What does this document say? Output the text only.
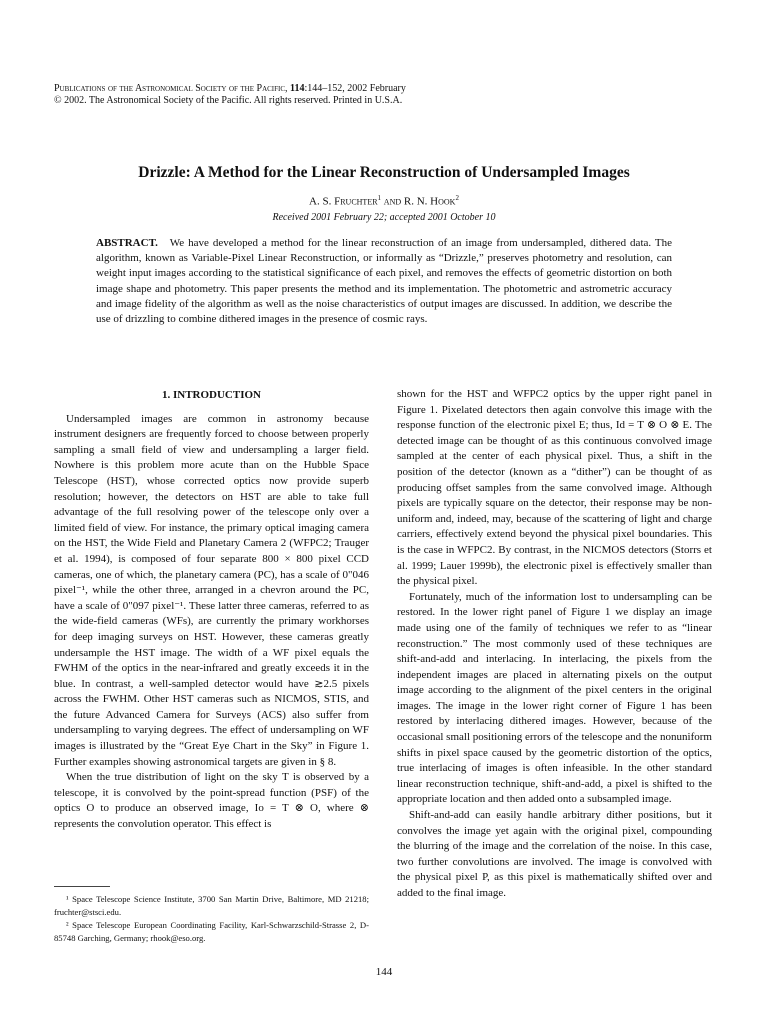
Publications of the Astronomical Society of the Pacific, 114:144–152, 2002 February
© 2002. The Astronomical Society of the Pacific. All rights reserved. Printed in U.S.A.
Drizzle: A Method for the Linear Reconstruction of Undersampled Images
A. S. Fruchter$^1$ and R. N. Hook$^2$
Received 2001 February 22; accepted 2001 October 10
ABSTRACT. We have developed a method for the linear reconstruction of an image from undersampled, dithered data. The algorithm, known as Variable-Pixel Linear Reconstruction, or informally as “Drizzle,” preserves photometry and resolution, can weight input images according to the statistical significance of each pixel, and removes the effects of geometric distortion on both image shape and photometry. This paper presents the method and its implementation. The photometric and astrometric accuracy and image fidelity of the algorithm as well as the noise characteristics of output images are discussed. In addition, we describe the use of drizzling to combine dithered images in the presence of cosmic rays.
1. INTRODUCTION

Undersampled images are common in astronomy because instrument designers are frequently forced to choose between properly sampling a small field of view and undersampling a larger field. Nowhere is this problem more acute than on the Hubble Space Telescope (HST), whose corrected optics now provide superb resolution; however, the detectors on HST are able to take full advantage of the full resolving power of the telescope only over a limited field of view. For instance, the primary optical imaging camera on the HST, the Wide Field and Planetary Camera 2 (WFPC2; Trauger et al. 1994), is composed of four separate 800 × 800 pixel CCD cameras, one of which, the planetary camera (PC), has a scale of 0"046 pixel⁻¹, while the other three, arranged in a chevron around the PC, have a scale of 0"097 pixel⁻¹. These latter three cameras, referred to as the wide-field cameras (WFs), are currently the primary workhorses for deep imaging surveys on HST. However, these cameras greatly undersample the HST image. The width of a WF pixel equals the FWHM of the optics in the near-infrared and greatly exceeds it in the blue. In contrast, a well-sampled detector would have ≳2.5 pixels across the FWHM. Other HST cameras such as NICMOS, STIS, and the future Advanced Camera for Surveys (ACS) also suffer from undersampling to varying degrees. The effect of undersampling on WF images is illustrated by the “Great Eye Chart in the Sky” in Figure 1. Further examples showing astronomical targets are given in § 8.

When the true distribution of light on the sky T is observed by a telescope, it is convolved by the point-spread function (PSF) of the optics O to produce an observed image, Io = T ⊗ O, where ⊗ represents the convolution operator. This effect is

shown for the HST and WFPC2 optics by the upper right panel in Figure 1. Pixelated detectors then again convolve this image with the response function of the electronic pixel E; thus, Id = T ⊗ O ⊗ E. The detected image can be thought of as this continuous convolved image sampled at the center of each physical pixel. Thus, a shift in the position of the detector (known as a “dither”) can be thought of as producing offset samples from the same convolved image. Although pixels are typically square on the detector, their response may be non-uniform and, indeed, may, because of the scattering of light and charge carriers, effectively extend beyond the physical pixel boundaries. This is the case in WFPC2. By contrast, in the NICMOS detectors (Storrs et al. 1999; Lauer 1999b), the electronic pixel is effectively smaller than the physical pixel.

Fortunately, much of the information lost to undersampling can be restored. In the lower right panel of Figure 1 we display an image made using one of the family of techniques we refer to as “linear reconstruction.” The most commonly used of these techniques are shift-and-add and interlacing. In interlacing, the pixels from the independent images are placed in alternating pixels on the output image according to the alignment of the pixel centers in the original images. The image in the lower right corner of Figure 1 has been restored by interlacing dithered images. However, because of the occasional small positioning errors of the telescope and the nonuniform shifts in pixel space caused by the geometric distortion of the optics, true interlacing of images is often infeasible. In the other standard linear reconstruction technique, shift-and-add, a pixel is shifted to the appropriate location and then added onto a subsampled image.

Shift-and-add can easily handle arbitrary dither positions, but it convolves the image yet again with the original pixel, compounding the blurring of the image and the correlation of the noise. In this case, two further convolutions are involved. The image is convolved with the physical pixel P, as this pixel is mathematically shifted over and added to the final image.

¹ Space Telescope Science Institute, 3700 San Martin Drive, Baltimore, MD 21218; fruchter@stsci.edu.

² Space Telescope European Coordinating Facility, Karl-Schwarzschild-Strasse 2, D-85748 Garching, Germany; rhook@eso.org.

144
